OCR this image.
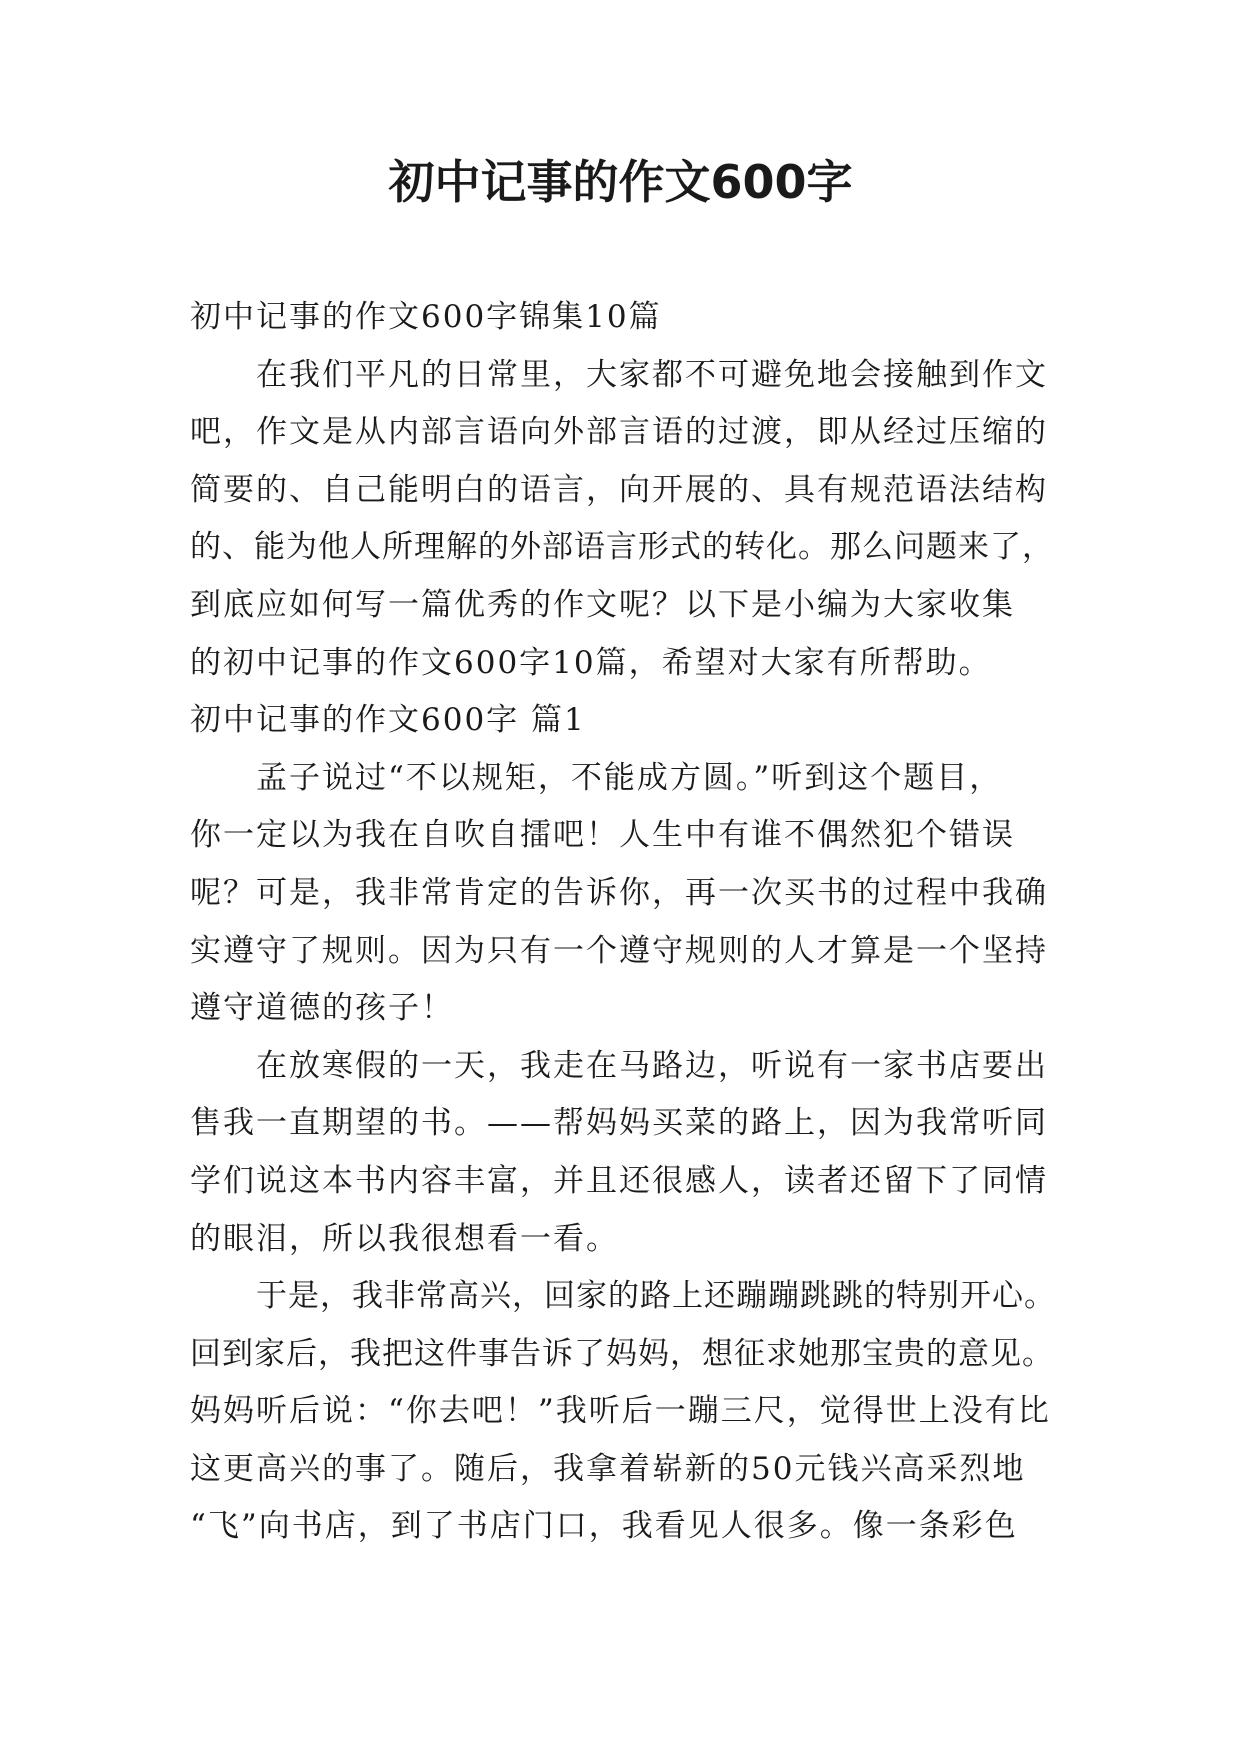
初中记事的作文600字
初中记事的作文600字锦集10篇
在我们平凡的日常里，大家都不可避免地会接触到作文
吧，作文是从内部言语向外部言语的过渡，即从经过压缩的
简要的、自己能明白的语言，向开展的、具有规范语法结构
的、能为他人所理解的外部语言形式的转化。那么问题来了，
到底应如何写一篇优秀的作文呢？以下是小编为大家收集
的初中记事的作文600字10篇，希望对大家有所帮助。
初中记事的作文600字 篇1
孟子说过“不以规矩，不能成方圆。”听到这个题目，
你一定以为我在自吹自擂吧！人生中有谁不偶然犯个错误
呢？可是，我非常肯定的告诉你，再一次买书的过程中我确
实遵守了规则。因为只有一个遵守规则的人才算是一个坚持
遵守道德的孩子！
在放寒假的一天，我走在马路边，听说有一家书店要出
售我一直期望的书。——帮妈妈买菜的路上，因为我常听同
学们说这本书内容丰富，并且还很感人，读者还留下了同情
的眼泪，所以我很想看一看。
于是，我非常高兴，回家的路上还蹦蹦跳跳的特别开心。
回到家后，我把这件事告诉了妈妈，想征求她那宝贵的意见。
妈妈听后说：“你去吧！”我听后一蹦三尺，觉得世上没有比
这更高兴的事了。随后，我拿着崭新的50元钱兴高采烈地
“飞”向书店，到了书店门口，我看见人很多。像一条彩色
